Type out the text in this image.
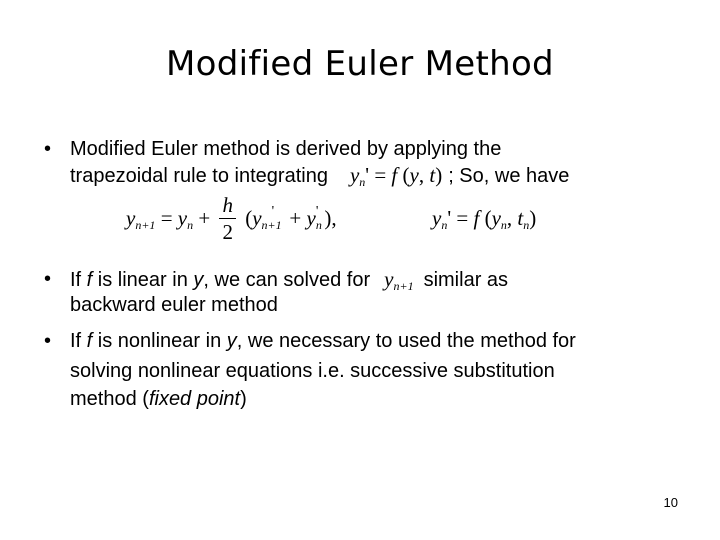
Modified Euler Method
• Modified Euler method is derived by applying the
trapezoidal rule to integrating $y_n' = f$ (y, t) ; So, we have
$y_{n+1} = y_n + \frac{h}{2} (y_{n+1}' + y_n'$ ),	$y_n' = f$ ($y_n$, $t_n$)
• If f is linear in y, we can solved for $y_{n+1}$ similar as
backward euler method
• If f is nonlinear in y, we necessary to used the method for
solving nonlinear equations i.e. successive substitution
method (fixed point)
10
